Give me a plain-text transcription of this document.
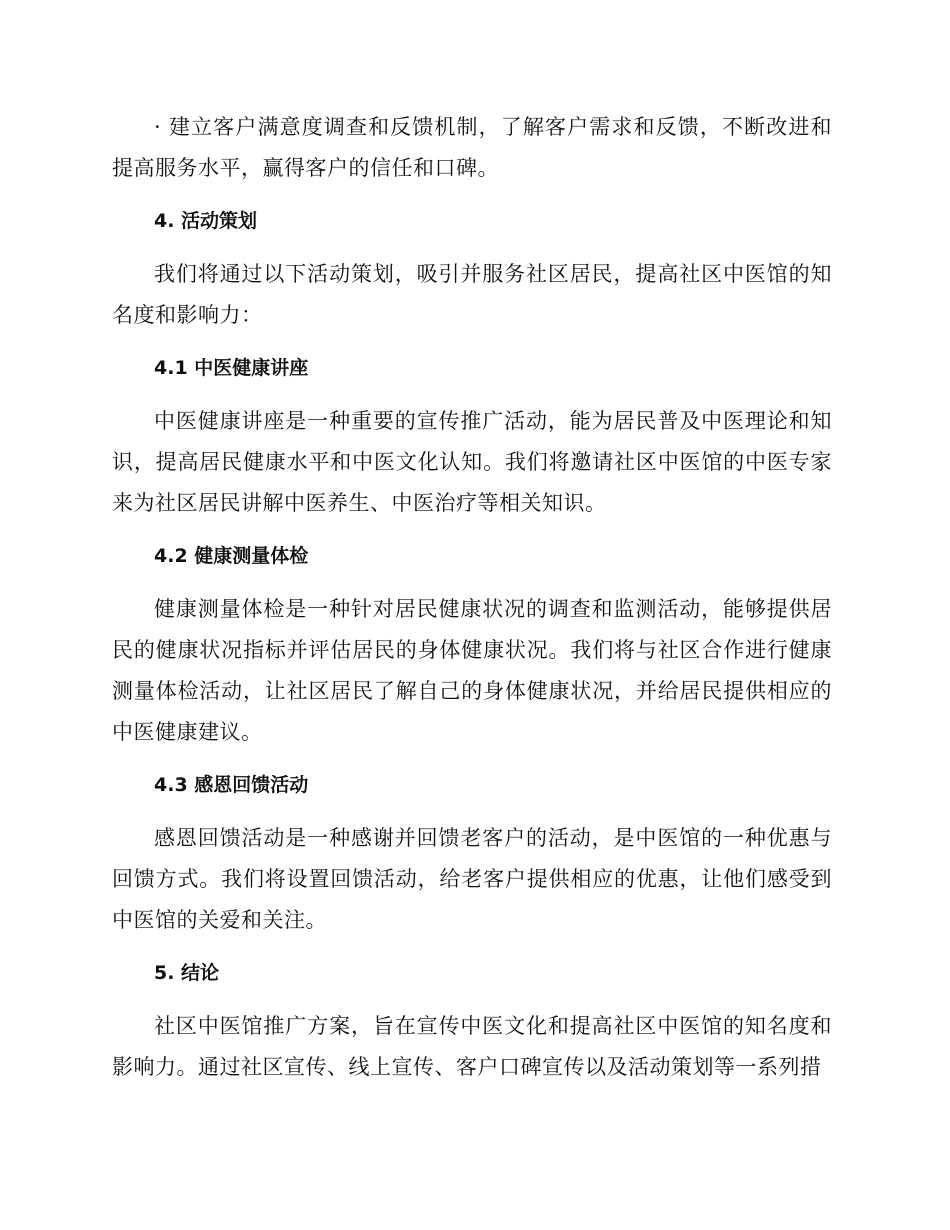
· 建立客户满意度调查和反馈机制，了解客户需求和反馈，不断改进和提高服务水平，赢得客户的信任和口碑。

4. 活动策划

我们将通过以下活动策划，吸引并服务社区居民，提高社区中医馆的知名度和影响力：

4.1 中医健康讲座

中医健康讲座是一种重要的宣传推广活动，能为居民普及中医理论和知识，提高居民健康水平和中医文化认知。我们将邀请社区中医馆的中医专家来为社区居民讲解中医养生、中医治疗等相关知识。

4.2 健康测量体检

健康测量体检是一种针对居民健康状况的调查和监测活动，能够提供居民的健康状况指标并评估居民的身体健康状况。我们将与社区合作进行健康测量体检活动，让社区居民了解自己的身体健康状况，并给居民提供相应的中医健康建议。

4.3 感恩回馈活动

感恩回馈活动是一种感谢并回馈老客户的活动，是中医馆的一种优惠与回馈方式。我们将设置回馈活动，给老客户提供相应的优惠，让他们感受到中医馆的关爱和关注。

5. 结论

社区中医馆推广方案，旨在宣传中医文化和提高社区中医馆的知名度和影响力。通过社区宣传、线上宣传、客户口碑宣传以及活动策划等一系列措
